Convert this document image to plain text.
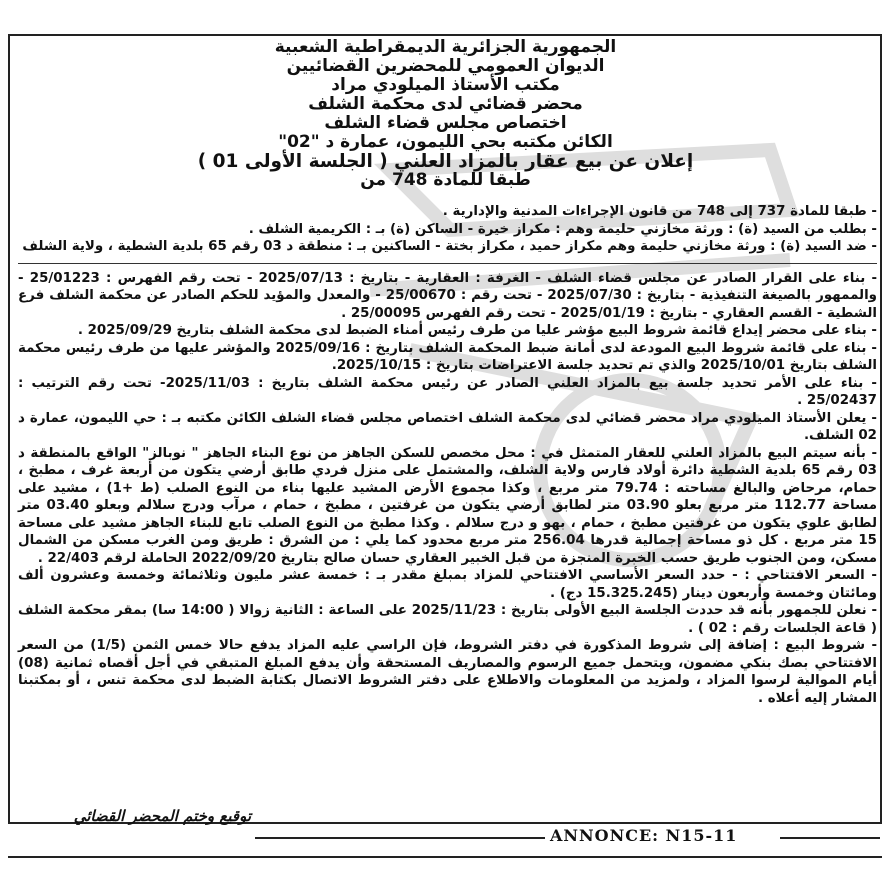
الجمهورية الجزائرية الديمقراطية الشعبية
الديوان العمومي للمحضرين القضائيين
مكتب الأستاذ الميلودي مراد
محضر قضائي لدى محكمة الشلف
اختصاص مجلس قضاء الشلف
الكائن مكتبه بحي الليمون، عمارة د "02"
إعلان عن بيع عقار بالمزاد العلني ( الجلسة الأولى 01 )
طبقا للمادة 748 من

- طبقا للمادة 737 إلى 748 من قانون الإجراءات المدنية والإدارية .

- بطلب من السيد (ة) : ورثة مخازني حليمة وهم : مكراز خيرة - الساكن (ة) بـ : الكريمية الشلف .

- ضد السيد (ة) : ورثة مخازني حليمة وهم مكراز حميد ، مكراز بختة - الساكنين بـ : منطقة د 03 رقم 65 بلدية الشطية ، ولاية الشلف

- بناء على القرار الصادر عن مجلس قضاء الشلف - الغرفة : العقارية - بتاريخ : 2025/07/13 - تحت رقم الفهرس : 25/01223 - والممهور بالصيغة التنفيذية - بتاريخ : 2025/07/30 - تحت رقم : 25/00670 - والمعدل والمؤيد للحكم الصادر عن محكمة الشلف فرع الشطية - القسم العقاري - بتاريخ : 2025/01/19 - تحت رقم الفهرس 25/00095 .

- بناء على محضر إيداع قائمة شروط البيع مؤشر عليا من طرف رئيس أمناء الضبط لدى محكمة الشلف بتاريخ 2025/09/29 .

- بناء على قائمة شروط البيع المودعة لدى أمانة ضبط المحكمة الشلف بتاريخ : 2025/09/16 والمؤشر عليها من طرف رئيس محكمة الشلف بتاريخ 2025/10/01 والذي تم تحديد جلسة الاعتراضات بتاريخ : 2025/10/15.

- بناء على الأمر تحديد جلسة بيع بالمزاد العلني الصادر عن رئيس محكمة الشلف بتاريخ : 2025/11/03- تحت رقم الترتيب : 25/02437 .

- يعلن الأستاذ الميلودي مراد محضر قضائي لدى محكمة الشلف اختصاص مجلس قضاء الشلف الكائن مكتبه بـ : حي الليمون، عمارة د 02 الشلف.

- بأنه سيتم البيع بالمزاد العلني للعقار المتمثل في : محل مخصص للسكن الجاهز من نوع البناء الجاهز " نوبالز" الواقع بالمنطقة د 03 رقم 65 بلدية الشطية دائرة أولاد فارس ولاية الشلف، والمشتمل على منزل فردي طابق أرضي يتكون من أربعة غرف ، مطبخ ، حمام، مرحاض والبالغ مساحته : 79.74 متر مربع ، وكذا مجموع الأرض المشيد عليها بناء من النوع الصلب (ط +1) ، مشيد على مساحة 112.77 متر مربع بعلو 03.90 متر لطابق أرضي يتكون من غرفتين ، مطبخ ، حمام ، مرآب ودرج سلالم وبعلو 03.40 متر لطابق علوي يتكون من غرفتين مطبخ ، حمام ، بهو و درج سلالم . وكذا مطبخ من النوع الصلب تابع للبناء الجاهز مشيد على مساحة 15 متر مربع . كل ذو مساحة إجمالية قدرها 256.04 متر مربع محدود كما يلي : من الشرق : طريق ومن الغرب مسكن من الشمال مسكن، ومن الجنوب طريق حسب الخبرة المنجزة من قبل الخبير العقاري حسان صالح بتاريخ 2022/09/20 الحاملة لرقم 22/403 .

- السعر الافتتاحي : - حدد السعر الأساسي الافتتاحي للمزاد بمبلغ مقدر بـ : خمسة عشر مليون وثلاثمائة وخمسة وعشرون ألف ومائتان وخمسة وأربعون دينار (15.325.245 دج) .

- نعلن للجمهور بأنه قد حددت الجلسة البيع الأولى بتاريخ : 2025/11/23 على الساعة : الثانية زوالا ( 14:00 سا) بمقر محكمة الشلف ( قاعة الجلسات رقم : 02 ) .

- شروط البيع : إضافة إلى شروط المذكورة في دفتر الشروط، فإن الراسي عليه المزاد يدفع حالا خمس الثمن (1/5) من السعر الافتتاحي بصك بنكي مضمون، ويتحمل جميع الرسوم والمصاريف المستحقة وأن يدفع المبلغ المتبقي في أجل أقصاه ثمانية (08) أيام الموالية لرسوا المزاد ، ولمزيد من المعلومات والاطلاع على دفتر الشروط الاتصال بكتابة الضبط لدى محكمة تنس ، أو بمكتبنا المشار إليه أعلاه .

توقيع وختم المحضر القضائي
ANNONCE: N15-11
